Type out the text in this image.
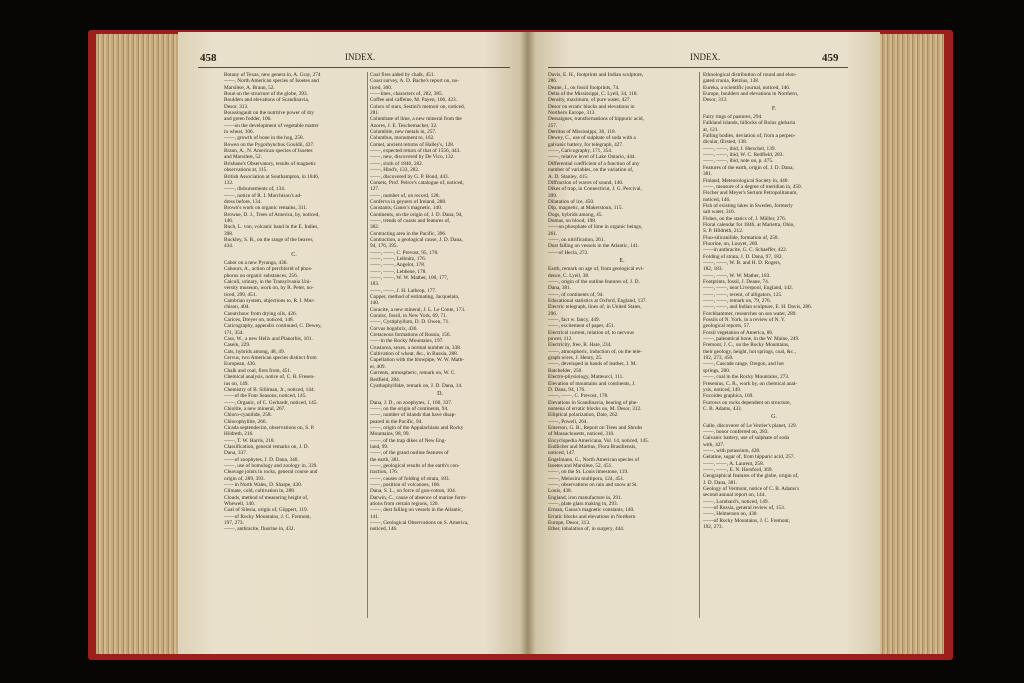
458	INDEX.	INDEX.	459
Botany of Texas, new genera in, A. Gray, 274
——, North American species of Isoetes and
Marsileæ, A. Braun, 52.
Boué on the structure of the globe, 393.
Boulders and elevations of Scandinavia,
Desor, 313.
Boussingault on the nutritive power of dry
and green fodder, 106.
——on the development of vegetable matter
in wheat, 106.
——, growth of bone in the hog, 258.
Bowen on the Pygorhynchus Gouldii, 437.
Braun, A., N. American species of Isoetes
and Marsileæ, 52.
Brisbane's Observatory, results of magnetic
observations at, 115.
British Association at Southampton, in 1846,
133.
——, disbursements of, 134.
——, notice of R. I. Murchison's ad-
dress before, 134.
Brown's work on organic remains, 311.
Browne, D. J., Trees of America, by, noticed,
146.
Buch, L. von, volcanic band in the E. Indies,
398.
Buckley, S. B., on the range of the beaver,
434.
C.
Cabot on a new Pyranga, 436.
Cahours, A., action of perchlorid of phos-
phorus on organic substances, 256.
Calculi, urinary, in the Transylvania Uni-
versity museum, work on, by R. Peter, no-
ticed, 299, 451.
Cambrian system, objections to, R. I. Mur-
chison, 404.
Caoutchouc from drying oils, 426.
Carices, Dreyer on, noticed, 148.
Caricography, appendix continued, C. Dewey,
171, 354.
Cass, W., a new Helix and Planorbis, 101.
Casein, 229.
Cats, hybrids among, 48, 49.
Cervus, two American species distinct from
European, 436.
Chalk and coal, fires from, 451.
Chemical analysis, notice of, C. R. Fresen-
ius on, 149.
Chemistry of B. Silliman, Jr., noticed, 144.
——of the Four Seasons, noticed, 145.
——, Organic, of C. Gerhardt, noticed, 145.
Chiolite, a new mineral, 267.
Chloro-cyanilide, 258.
Chlorophyllite, 266.
Cicada septendecim, observations on, S. P.
Hildreth, 216.
——, T. W. Harris, 218.
Classification, general remarks on, J. D.
Dana, 337.
——of zoophytes, J. D. Dana, 340.
——, use of homology and zoology in, 339.
Cleavage joints in rocks, general course and
origin of, 289, 393.
——in North Wales, D. Sharpe, 430.
Climate, cold, cultivation in, 288.
Clouds, method of measuring height of,
Whewell, 140.
Coal of Silesia, origin of, Göppert, 119.
——of Rocky Mountains, J. C. Fremont,
197, 273.
——, anthracite, fluorine in, 432.
Coal fires aided by chalk, 451.
Coast survey, A. D. Bache's report on, no-
ticed, 300.
——lines, characters of, 282, 385.
Coffee and caffeine, M. Payen, 106, 423.
Colors of stars, Sestini's memoir on, noticed,
281.
Columbate of lime, a new mineral from the
Azores, J. E. Teschemacher, 32.
Columbite, new metals in, 257.
Columbus, monument to, 162.
Comet, ancient returns of Halley's, 128.
——, expected return of that of 1556, 443.
——, new, discovered by De Vico, 132.
——, sixth of 1846, 282.
——, Hind's, 133, 282.
——, discovered by G. P. Bond, 443.
Comets, Prof. Peirce's catalogue of, noticed,
127.
——, number of, on record, 128.
Conferva in geysers of Ireland, 288.
Constants, Gauss's magnetic, 140.
Continents, on the origin of, J. D. Dana, 94,
——, trends of coasts and features of,
382.
Contracting area in the Pacific, 396.
Contraction, a geological cause, J. D. Dana,
94, 176, 395.
——, ——, C. Prevost, 95, 178.
——, ——, Leibnitz, 176.
——, ——, Angelot, 178.
——, ——, Lebbene, 178.
——, ——, W. W. Mather, 100, 177,
183.
——, ——, J. H. Lathrop, 177.
Copper, method of estimating, Jacquelain,
140.
Coracite, a new mineral, J. L. Le Conte, 173.
Coralsc, fossil, in New York, 69, 71.
——, Cystiphyllum, D. D. Owen, 71.
Corvus hogobrix, 436.
Cretaceous formations of Russia, 156.
——in the Rocky Mountains, 197.
Crustacea, sexes, a normal number in, 338.
Cultivation of wheat, &c., in Russia, 288.
Cupellation with the blowpipe, W. W. Math-
er, 409.
Currents, atmospheric, remark on, W. C.
Redfield, 284.
Cyathophyllidæ, remark on, J. D. Dana, 14.
D.
Dana, J. D., on zoophytes, 1, 160, 337.
——, on the origin of continents, 94.
——, number of islands that have disap-
peared in the Pacific, 94.
——, origin of the Appalachians and Rocky
Mountains, 98, 99.
——, of the trap dikes of New Eng-
land, 99.
——, of the grand outline features of
the earth, 381.
——, geological results of the earth's con-
traction, 176.
——, causes of folding of strata, 183.
——, position of volcanoes, 186.
Dana, S. L., on force of gun-cotton, 104.
Darwin, C., cause of absence of marine form-
ations from certain regions, 120.
——, dust falling on vessels in the Atlantic,
141.
——, Geological Observations on S. America,
noticed, 146.
Davis, E. H., footprints and Indian sculpture,
286.
Deane, J., on fossil footprints, 74.
Delta of the Mississippi, C. Lyell, 34, 118.
Density, maximum, of pure water, 427.
Desor on erratic blocks and elevations in
Northern Europe, 313.
Dessaignes, transformations of hippuric acid,
257.
Detritus of Mississippi, 36, 118.
Dewey, C., use of sulphate of soda with a
galvanic battery, for telegraph, 427.
——, Caricography, 171, 354.
——, relative level of Lake Ontario, 444.
Differential coefficient of a function of any
number of variables, on the variation of,
A. D. Stanley, 415.
Diffraction of waves of sound, 140.
Dikes of trap, in Connecticut, J. G. Percival,
399.
Dilatation of ice, 450.
Dip, magnetic, at Makerstoun, 115.
Dogs, hybrids among, 45.
Dumas, on blood, 108.
——on phosphate of lime in organic beings,
261.
——, on nitrification, 261.
Dust falling on vessels in the Atlantic, 141.
——of Hecla, 272.
E.
Earth, remark on age of, from geological evi-
dence, C. Lyell, 38.
——, origin of the outline features of, J. D.
Dana, 381.
——, of continents of, 94.
Educational statistics at Oxford, England, 137.
Electric telegraph, lines of, in United States,
296.
——, fact w. fancy, 449.
——, excitement of paper, 451.
Electrical current, relation of, to nervous
power, 112.
Electricity, free, R. Hare, 234.
——, atmospheric, induction of, on the tele-
graph wires, J. Henry, 25.
——, developed in hands of leather, J. M.
Batchelder, 250.
Electro-physiology, Matteucci, 111.
Elevation of mountains and continents, J.
D. Dana, 94, 176.
——, ——, C. Prevost, 178.
Elevations in Scandinavia, bearing of phe-
nomena of erratic blocks on, M. Desor, 312.
Elliptical polarization, Dale, 262.
——, Powell, 264.
Emerson, G. B., Report on Trees and Shrubs
of Massachusetts, noticed, 310.
Encyclopedia Americana, Vol. 14, noticed, 145.
Endlicher and Martius, Flora Brasiliensis,
noticed, 147.
Engelmann, G., North American species of
Isoetes and Marsileæ, 52, 451.
——, on the St. Louis limestone, 119.
——, Melosira multipora, 124, 451.
——, observations on rain and snow at St.
Louis, 438.
England, iron manufacture in, 291.
——, plate glass making in, 293.
Erman, Gauss's magnetic constants, 140.
Erratic blocks and elevations in Northern
Europe, Desor, 313.
Ether, inhalation of, in surgery, 444.
Ethnological distribution of round and elon-
gated crania, Retzius, 138.
Eureka, a scientific journal, noticed, 146.
Europe, boulders and elevations in Northern,
Desor, 313.
F.
Fairy rings of pastures, 294.
Falkland islands, hillocks of Bolax glebaria
at, 121.
Falling bodies, deviation of, from a perpen-
dicular, Œrsted, 138.
——, ——, ibid, J. Herschel, 139.
——, ——, ibid, W. C. Redfield, 283.
——, ——, ibid, note on, p. 475.
Features of the earth, origin of, J. D. Dana,
381.
Finland, Meteorological Society in, 440.
——, measure of a degree of meridian in, 450.
Fischer and Meyer's Sertum Petropolitanum,
noticed, 146.
Fish of existing lakes in Sweden, formerly
salt water, 316.
Fishes, on the statics of, J. Müller, 276.
Floral calendar for 1846, at Marietta, Ohio,
S. P. Hildreth, 212.
Fluo-silicanilide, formation of, 258.
Fluorine, on, Louyet, 260.
——in anthracite, G. C. Schaeffer, 422.
Folding of strata, J. D. Dana, 97, 182.
——, ——, W. B. and H. D. Rogers,
182, 183.
——, ——, W. W. Mather, 183.
Footprints, fossil, J. Deane, 74.
——, ——, near Liverpool, England, 142.
——, ——, recent, of alligators, 125.
——, ——, remark on, 79, 276.
——, ——, and Indian sculpture, E. H. Davis, 286.
Forchhammer, researches on sea water, 289.
Fossils of N. York, in a review of N. Y.
geological reports, 57.
Fossil vegetation of America, 86.
——, paleontical bone, in the W. Maine, 249.
Fremont, J. C., on the Rocky Mountains,
their geology, height, hot springs, coal, &c.,
192, 273, 450.
——, Cascade range, Oregon, and hot
springs, 200.
——, coal in the Rocky Mountains, 273.
Fresenius, C. R., work by, on chemical anal-
ysis, noticed, 149.
Fucoides graphica, 169.
Furrows on rocks dependent on structure,
C. B. Adams, 433.
G.
Galle, discoverer of Le Verrier's planet, 129.
——, honor conferred on, 283.
Galvanic battery, use of sulphate of soda
with, 427.
——, with potassium, 428.
Gelatine, sugar of, from hippuric acid, 257.
——, ——, A. Laurent, 258.
——, ——, E. N. Horsford, 369.
Geographical features of the globe, origin of,
J. D. Dana, 381.
Geology of Vermont, notice of C. B. Adams's
second annual report on, 144.
——, Lombard's, noticed, 149.
——of Russia, general review of, 153.
——, Helmersen on, 430.
——of Rocky Mountains, J. C. Fremont,
192, 273.
